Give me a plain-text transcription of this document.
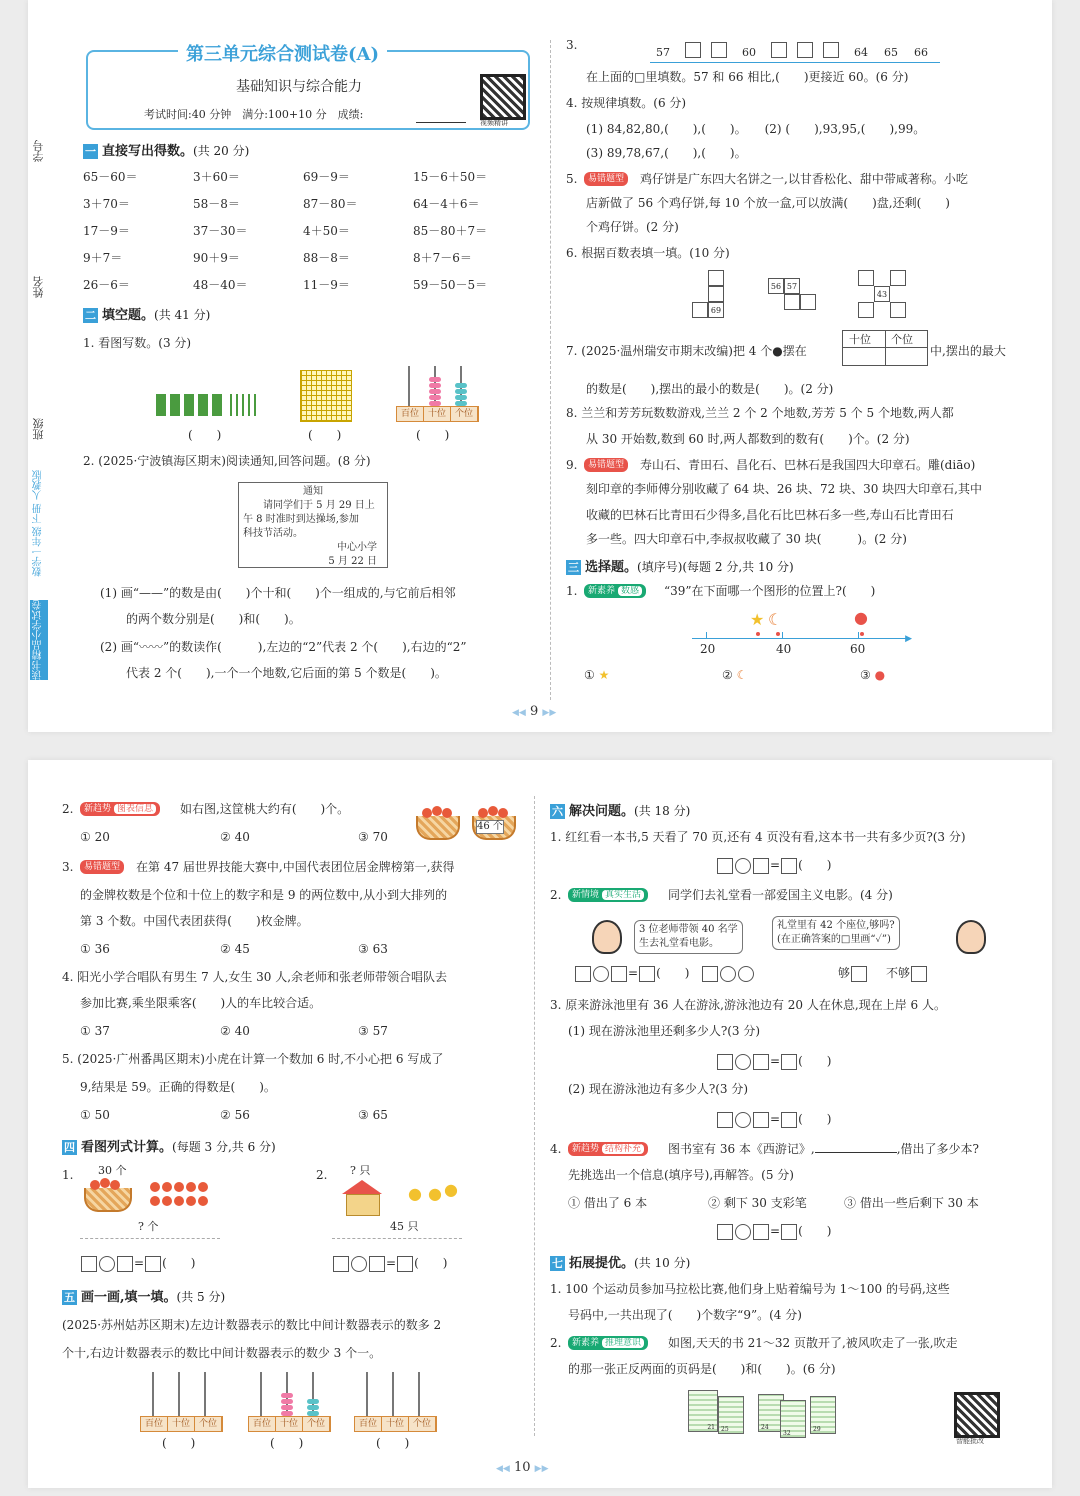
学号
姓名
班级
数学一年级 下册 人教版
读书精品小学试卷
第三单元综合测试卷(A)
基础知识与综合能力
考试时间:40 分钟　满分:100+10 分　成绩:
视频精讲
一 直接写出得数。(共 20 分)
二 填空题。(共 41 分)
1. 看图写数。(3 分)
(　　)	(　　)
百位 十位 个位
(　　)
2. (2025·宁波镇海区期末)阅读通知,回答问题。(8 分)
通知
请同学们于 5 月 29 日上
午 8 时准时到达操场,参加
科技节活动。
中心小学
5 月 22 日
(1) 画“——”的数是由(　　)个十和(　　)个一组成的,与它前后相邻
的两个数分别是(　　)和(　　)。
(2) 画“〰〰”的数读作(　　　),左边的“2”代表 2 个(　　),右边的“2”
代表 2 个(　　),一个一个地数,它后面的第 5 个数是(　　)。
3.
57	60	64 65 66
在上面的□里填数。57 和 66 相比,(　　)更接近 60。(6 分)
4. 按规律填数。(6 分)
(1) 84,82,80,(　　),(　　)。　　(2) (　　),93,95,(　　),99。
(3) 89,78,67,(　　),(　　)。
5.	易错题型	鸡仔饼是广东四大名饼之一,以甘香松化、甜中带咸著称。小吃
店新做了 56 个鸡仔饼,每 10 个放一盒,可以放满(　　)盘,还剩(　　)
个鸡仔饼。(2 分)
6. 根据百数表填一填。(10 分)
69
56 57
43
7. (2025·温州瑞安市期末改编)把 4 个●摆在
十位 个位
中,摆出的最大
的数是(　　),摆出的最小的数是(　　)。(2 分)
8. 兰兰和芳芳玩数数游戏,兰兰 2 个 2 个地数,芳芳 5 个 5 个地数,两人都
从 30 开始数,数到 60 时,两人都数到的数有(　　)个。(2 分)
9.	易错题型	寿山石、青田石、昌化石、巴林石是我国四大印章石。雕(diāo)
刻印章的李师傅分别收藏了 64 块、26 块、72 块、30 块四大印章石,其中
收藏的巴林石比青田石少得多,昌化石比巴林石多一些,寿山石比青田石
多一些。四大印章石中,李叔叔收藏了 30 块(　　　)。(2 分)
三 选择题。(填序号)(每题 2 分,共 10 分)
1.	新素养 数感	“39”在下面哪一个图形的位置上?(　　)
▶
★ ☾	●
20	40	60
① ★	② ☾	③ ●
◀◀ 9 ▶▶
65－60＝	3＋60＝	69－9＝	15－6＋50＝
3＋70＝	58－8＝	87－80＝	64－4＋6＝
17－9＝	37－30＝	4＋50＝	85－80＋7＝
9＋7＝	90＋9＝	88－8＝	8＋7－6＝
26－6＝	48－40＝	11－9＝	59－50－5＝
2.	新趋势 图表信息	如右图,这筐桃大约有(　　)个。
46 个
① 20	② 40	③ 70
3.	易错题型	在第 47 届世界技能大赛中,中国代表团位居金牌榜第一,获得
的金牌枚数是个位和十位上的数字和是 9 的两位数中,从小到大排列的
第 3 个数。中国代表团获得(　　)枚金牌。
① 36	② 45	③ 63
4. 阳光小学合唱队有男生 7 人,女生 30 人,余老师和张老师带领合唱队去
参加比赛,乘坐限乘客(　　)人的车比较合适。
① 37	② 40	③ 57
5. (2025·广州番禺区期末)小虎在计算一个数加 6 时,不小心把 6 写成了
9,结果是 59。正确的得数是(　　)。
① 50	② 56	③ 65
四 看图列式计算。(每题 3 分,共 6 分)
1. 30 个
? 个
= (　　)
2. ? 只
● ● ●
45 只
= (　　)
五 画一画,填一填。(共 5 分)
(2025·苏州姑苏区期末)左边计数器表示的数比中间计数器表示的数多 2
个十,右边计数器表示的数比中间计数器表示的数少 3 个一。
百位 十位 个位
(　　)
百位 十位 个位
(　　)
百位 十位 个位
(　　)
六 解决问题。(共 18 分)
1. 红红看一本书,5 天看了 70 页,还有 4 页没有看,这本书一共有多少页?(3 分)
= (　　)
2.	新情境 真实生活	同学们去礼堂看一部爱国主义电影。(4 分)
3 位老师带领 40 名学
生去礼堂看电影。
礼堂里有 42 个座位,够吗?
(在正确答案的□里画“✓”)
= (　　)　	够	不够
3. 原来游泳池里有 36 人在游泳,游泳池边有 20 人在休息,现在上岸 6 人。
(1) 现在游泳池里还剩多少人?(3 分)
= (　　)
(2) 现在游泳池边有多少人?(3 分)
= (　　)
4.	新趋势 结构补充	图书室有 36 本《西游记》,	,借出了多少本?
先挑选出一个信息(填序号),再解答。(5 分)
① 借出了 6 本	② 剩下 30 支彩笔	③ 借出一些后剩下 30 本
= (　　)
七 拓展提优。(共 10 分)
1. 100 个运动员参加马拉松比赛,他们身上贴着编号为 1～100 的号码,这些
号码中,一共出现了(　　)个数字“9”。(4 分)
2.	新素养 推理意识	如图,天天的书 21～32 页散开了,被风吹走了一张,吹走
的那一张正反两面的页码是(　　)和(　　)。(6 分)
21 25	24
32
29
智能批改
◀◀ 10 ▶▶
